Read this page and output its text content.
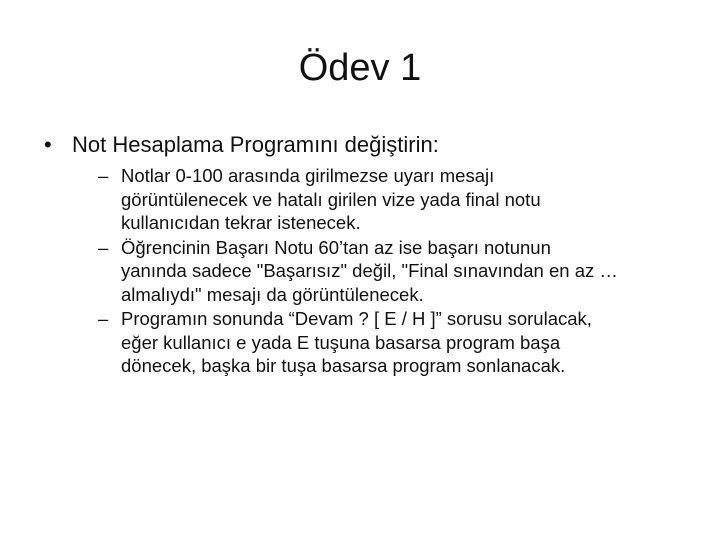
Ödev 1
• Not Hesaplama Programını değiştirin:
– Notlar 0-100 arasında girilmezse uyarı mesajı
görüntülenecek ve hatalı girilen vize yada final notu
kullanıcıdan tekrar istenecek.
– Öğrencinin Başarı Notu 60’tan az ise başarı notunun
yanında sadece "Başarısız" değil, "Final sınavından en az …
almalıydı" mesajı da görüntülenecek.
– Programın sonunda “Devam ? [ E / H ]” sorusu sorulacak,
eğer kullanıcı e yada E tuşuna basarsa program başa
dönecek, başka bir tuşa basarsa program sonlanacak.
